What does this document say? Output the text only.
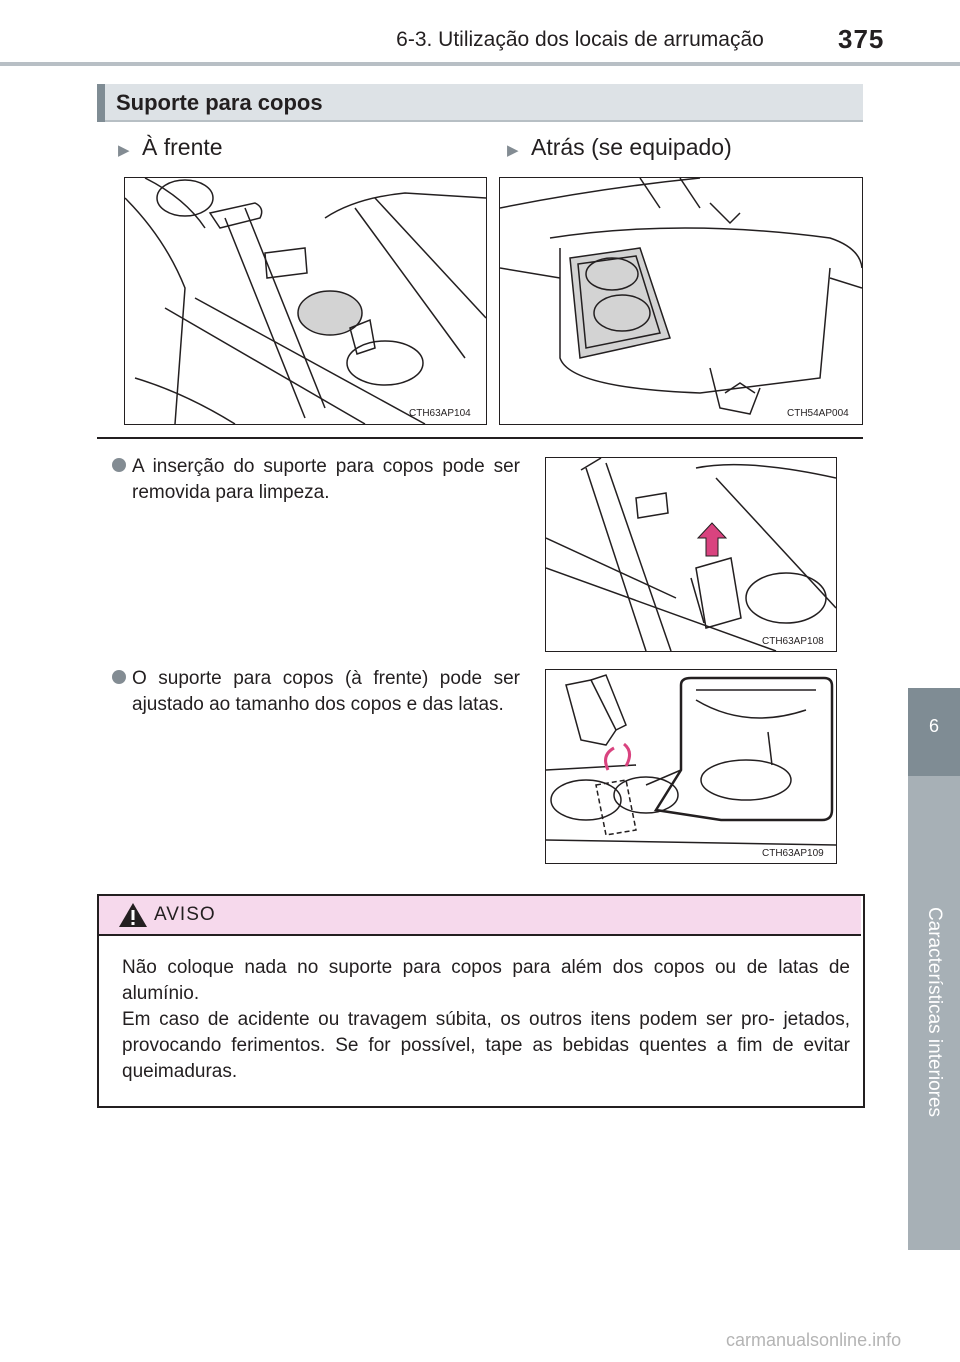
6-3. Utilização dos locais de arrumação	375
6
Características interiores
Suporte para copos
▶ À frente	▶ Atrás (se equipado)
CTH63AP104	CTH54AP004
A inserção do suporte para copos pode ser removida para limpeza.
CTH63AP108
O suporte para copos (à frente) pode ser ajustado ao tamanho dos copos e das latas.
CTH63AP109
AVISO

Não coloque nada no suporte para copos para além dos copos ou de latas de alumínio.

Em caso de acidente ou travagem súbita, os outros itens podem ser pro- jetados, provocando ferimentos. Se for possível, tape as bebidas quentes a fim de evitar queimaduras.

carmanualsonline.info
